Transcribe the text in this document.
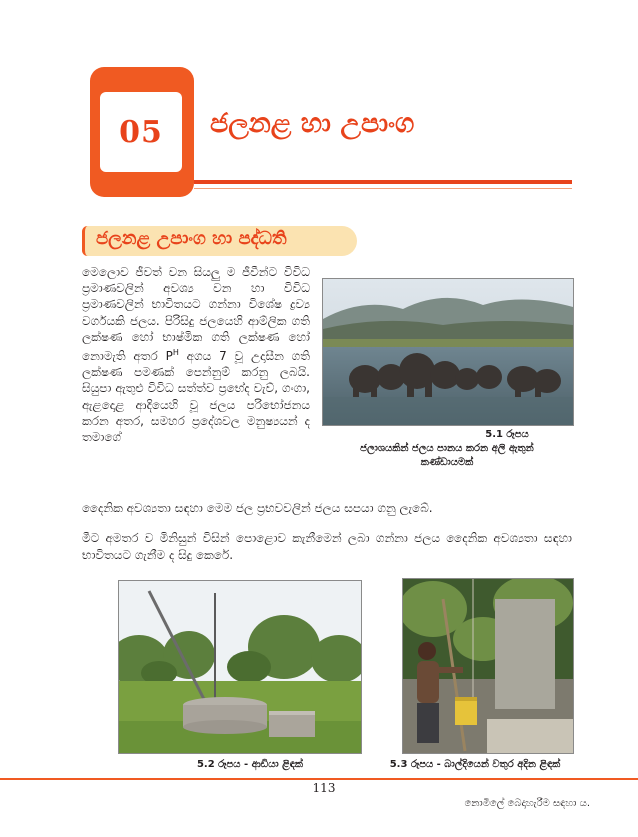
05 ජලනළ හා උපාංග
ජලනළ උපාංග හා පද්ධති

මෙලොව ජීවත් වන සියලු ම ජීවීන්ට විවිධ ප්‍රමාණවලින් අවශ්‍ය වන හා විවිධ ප්‍රමාණවලින් භාවිතයට ගන්නා විශේෂ ද්‍රව්‍ය වර්ගයකි ජලය. පිරිසිදු ජලයෙහි ආම්ලික ගති ලක්ෂණ හෝ භාෂ්මික ගති ලක්ෂණ හෝ නොමැති අතර $P^H$ අගය 7 වූ උදාසීන ගති ලක්ෂණ පමණක් පෙන්නුම් කරනු ලබයි. සියුපා ඇතුළු විවිධ සත්ත්ව ප්‍රභේද වැව්, ගංගා, ඇළදොළ ආදියෙහි වූ ජලය පරිභෝජනය කරන අතර, සමහර ප්‍රදේශවල මනුෂ්‍යයන් ද තමාගේ	5.1 රූපය
ජලාශයකින් ජලය පානය කරන අලි ඇතුන්
කණ්ඩායමක්
දෛනික අවශ්‍යතා සඳහා මෙම ජල ප්‍රභවවලින් ජලය සපයා ගනු ලැබේ.
මීට අමතර ව මිනිසුන් විසින් පොළොව කැනීමෙන් ලබා ගන්නා ජලය දෛනික අවශ්‍යතා සඳහා භාවිතයට ගැනීම ද සිදු කෙරේ.
5.2 රූපය - ආඩියා ළිඳක්	5.3 රූපය - බාල්දියෙන් වතුර අදින ළිඳක්
113
නොමිලේ බෙදාහැරීම සඳහා ය.
